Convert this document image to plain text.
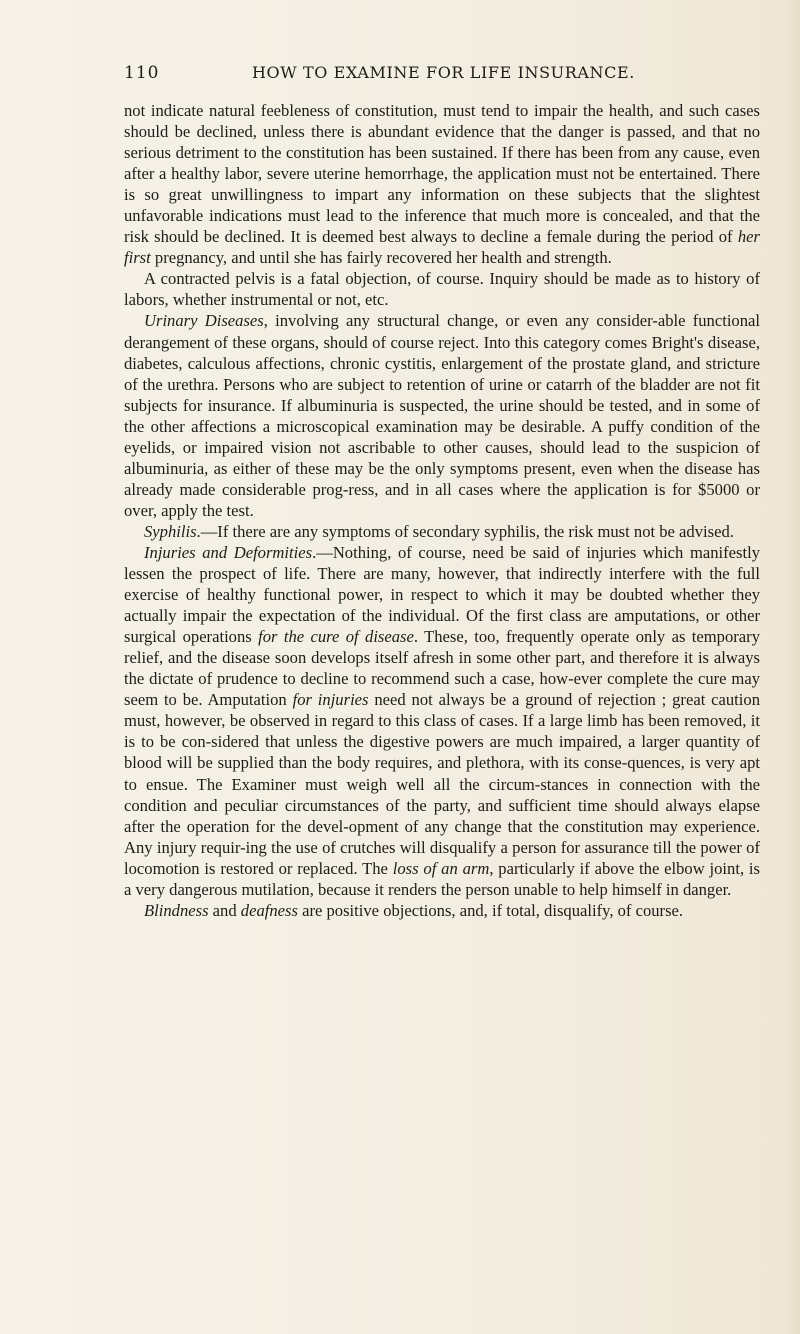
110	HOW TO EXAMINE FOR LIFE INSURANCE.

not indicate natural feebleness of constitution, must tend to impair the health, and such cases should be declined, unless there is abundant evidence that the danger is passed, and that no serious detriment to the constitution has been sustained. If there has been from any cause, even after a healthy labor, severe uterine hemorrhage, the application must not be entertained. There is so great unwillingness to impart any information on these subjects that the slightest unfavorable indications must lead to the inference that much more is concealed, and that the risk should be declined. It is deemed best always to decline a female during the period of her first pregnancy, and until she has fairly recovered her health and strength.

A contracted pelvis is a fatal objection, of course. Inquiry should be made as to history of labors, whether instrumental or not, etc.

Urinary Diseases, involving any structural change, or even any consider-able functional derangement of these organs, should of course reject. Into this category comes Bright's disease, diabetes, calculous affections, chronic cystitis, enlargement of the prostate gland, and stricture of the urethra. Persons who are subject to retention of urine or catarrh of the bladder are not fit subjects for insurance. If albuminuria is suspected, the urine should be tested, and in some of the other affections a microscopical examination may be desirable. A puffy condition of the eyelids, or impaired vision not ascribable to other causes, should lead to the suspicion of albuminuria, as either of these may be the only symptoms present, even when the disease has already made considerable prog-ress, and in all cases where the application is for $5000 or over, apply the test.

Syphilis.—If there are any symptoms of secondary syphilis, the risk must not be advised.

Injuries and Deformities.—Nothing, of course, need be said of injuries which manifestly lessen the prospect of life. There are many, however, that indirectly interfere with the full exercise of healthy functional power, in respect to which it may be doubted whether they actually impair the expectation of the individual. Of the first class are amputations, or other surgical operations for the cure of disease. These, too, frequently operate only as temporary relief, and the disease soon develops itself afresh in some other part, and therefore it is always the dictate of prudence to decline to recommend such a case, how-ever complete the cure may seem to be. Amputation for injuries need not always be a ground of rejection ; great caution must, however, be observed in regard to this class of cases. If a large limb has been removed, it is to be con-sidered that unless the digestive powers are much impaired, a larger quantity of blood will be supplied than the body requires, and plethora, with its conse-quences, is very apt to ensue. The Examiner must weigh well all the circum-stances in connection with the condition and peculiar circumstances of the party, and sufficient time should always elapse after the operation for the devel-opment of any change that the constitution may experience. Any injury requir-ing the use of crutches will disqualify a person for assurance till the power of locomotion is restored or replaced. The loss of an arm, particularly if above the elbow joint, is a very dangerous mutilation, because it renders the person unable to help himself in danger.

Blindness and deafness are positive objections, and, if total, disqualify, of course.
